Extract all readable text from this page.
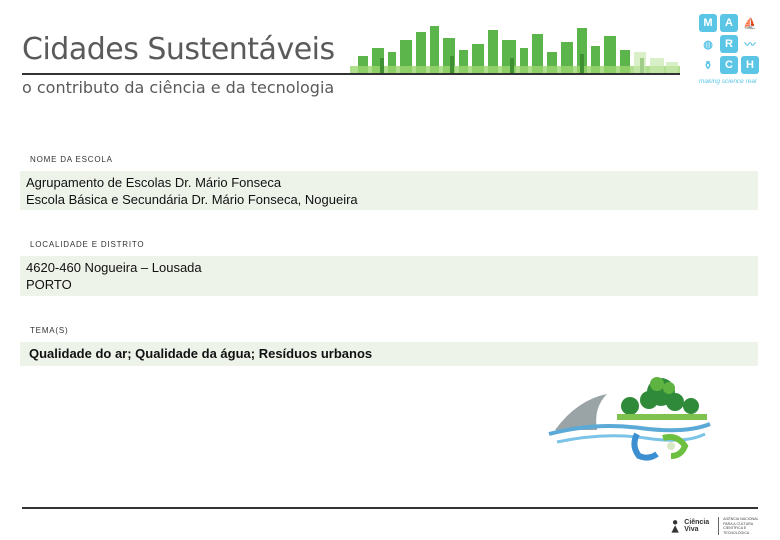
Cidades Sustentáveis
o contributo da ciência e da tecnologia
M	A ⛵
◍	R	〰
⚱	C	H
making science real
NOME DA ESCOLA
Agrupamento de Escolas Dr. Mário Fonseca
Escola Básica e Secundária Dr. Mário Fonseca, Nogueira
LOCALIDADE E DISTRITO
4620-460 Nogueira – Lousada
PORTO
TEMA(S)
Qualidade do ar; Qualidade da água; Resíduos urbanos
Ciência Viva
AGÊNCIA NACIONAL
PARA A CULTURA
CIENTÍFICA E TECNOLÓGICA
